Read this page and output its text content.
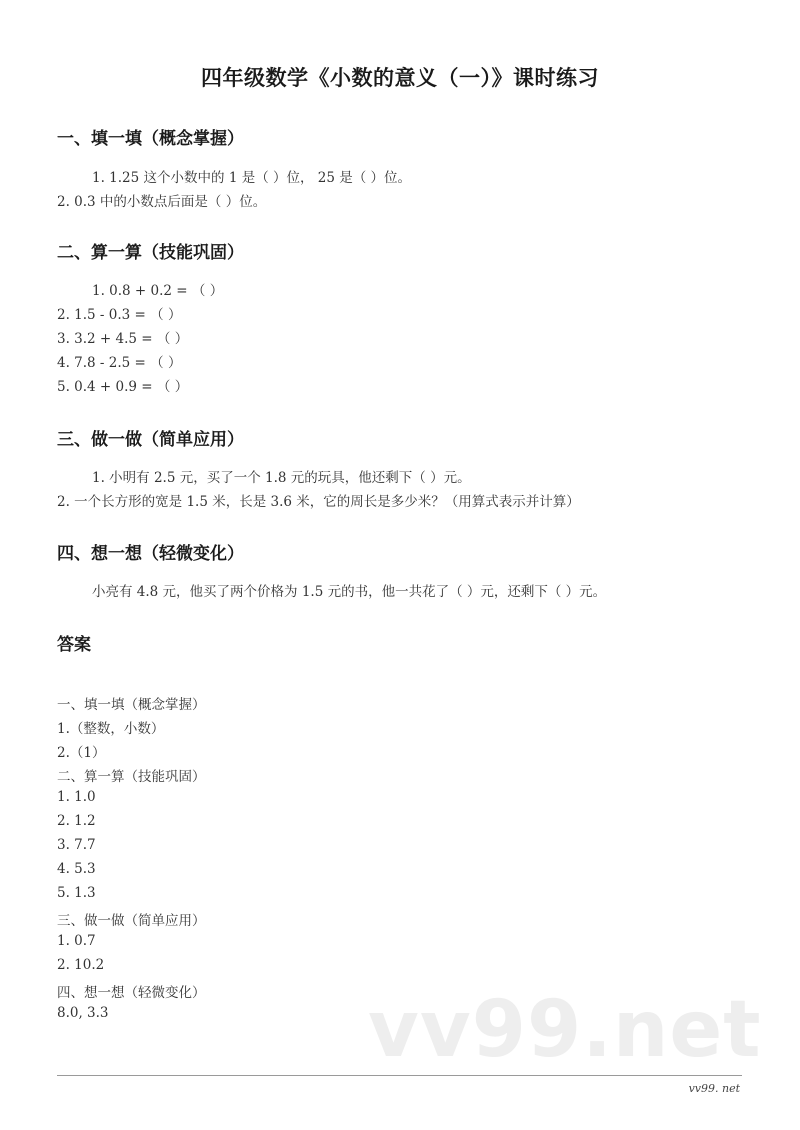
四年级数学《小数的意义（一）》课时练习
一、填一填（概念掌握）
1. 1.25 这个小数中的 1 是（ ）位， 25 是（ ）位。
2. 0.3 中的小数点后面是（ ）位。
二、算一算（技能巩固）
1. 0.8 + 0.2 = （ ）
2. 1.5 - 0.3 = （ ）
3. 3.2 + 4.5 = （ ）
4. 7.8 - 2.5 = （ ）
5. 0.4 + 0.9 = （ ）
三、做一做（简单应用）
1. 小明有 2.5 元，买了一个 1.8 元的玩具，他还剩下（ ）元。
2. 一个长方形的宽是 1.5 米，长是 3.6 米，它的周长是多少米？（用算式表示并计算）
四、想一想（轻微变化）
小亮有 4.8 元，他买了两个价格为 1.5 元的书，他一共花了（ ）元，还剩下（ ）元。
答案
一、填一填（概念掌握）
1.（整数，小数）
2.（1）
二、算一算（技能巩固）
1. 1.0
2. 1.2
3. 7.7
4. 5.3
5. 1.3
三、做一做（简单应用）
1. 0.7
2. 10.2
四、想一想（轻微变化）
8.0, 3.3	vv99.net
vv99. net
